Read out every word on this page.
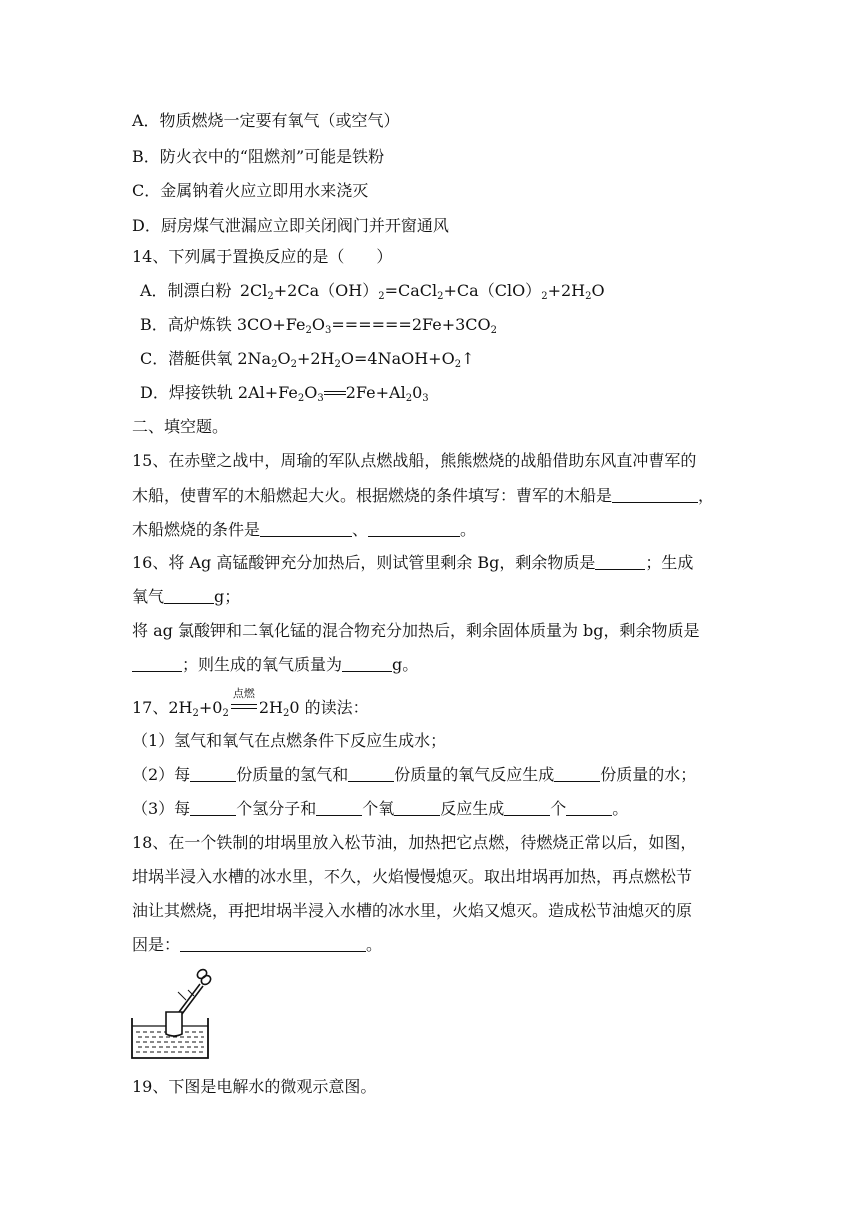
A．物质燃烧一定要有氧气（或空气）
B．防火衣中的“阻燃剂”可能是铁粉
C．金属钠着火应立即用水来浇灭
D．厨房煤气泄漏应立即关闭阀门并开窗通风
14、下列属于置换反应的是（　　）
A．制漂白粉  $2Cl_2+2Ca(OH)_2=CaCl_2+Ca(ClO)_2+2H_2O$
B．高炉炼铁 $3CO+Fe_2O_3======2Fe+3CO_2$
C．潜艇供氧 $2Na_2O_2+2H_2O=4NaOH+O_2↑$
D．焊接铁轨 $2Al+Fe_2O_3$ $2Fe+Al_20_3$
二、填空题。
15、在赤壁之战中，周瑜的军队点燃战船，熊熊燃烧的战船借助东风直冲曹军的
木船，使曹军的木船燃起大火。根据燃烧的条件填写：曹军的木船是	，
木船燃烧的条件是	、	。
16、将 Ag 高锰酸钾充分加热后，则试管里剩余 Bg，剩余物质是	；生成
氧气	g；
将 ag 氯酸钾和二氧化锰的混合物充分加热后，剩余固体质量为 bg，剩余物质是
；则生成的氧气质量为	g。
17、$2H_2+0_2$
点燃
$2H_20$ 的读法：
（1）氢气和氧气在点燃条件下反应生成水；
（2）每	份质量的氢气和	份质量的氧气反应生成	份质量的水；
（3）每	个氢分子和	个氧	反应生成	个	。
18、在一个铁制的坩埚里放入松节油，加热把它点燃，待燃烧正常以后，如图，
坩埚半浸入水槽的冰水里，不久，火焰慢慢熄灭。取出坩埚再加热，再点燃松节
油让其燃烧，再把坩埚半浸入水槽的冰水里，火焰又熄灭。造成松节油熄灭的原
因是：	。
19、下图是电解水的微观示意图。
